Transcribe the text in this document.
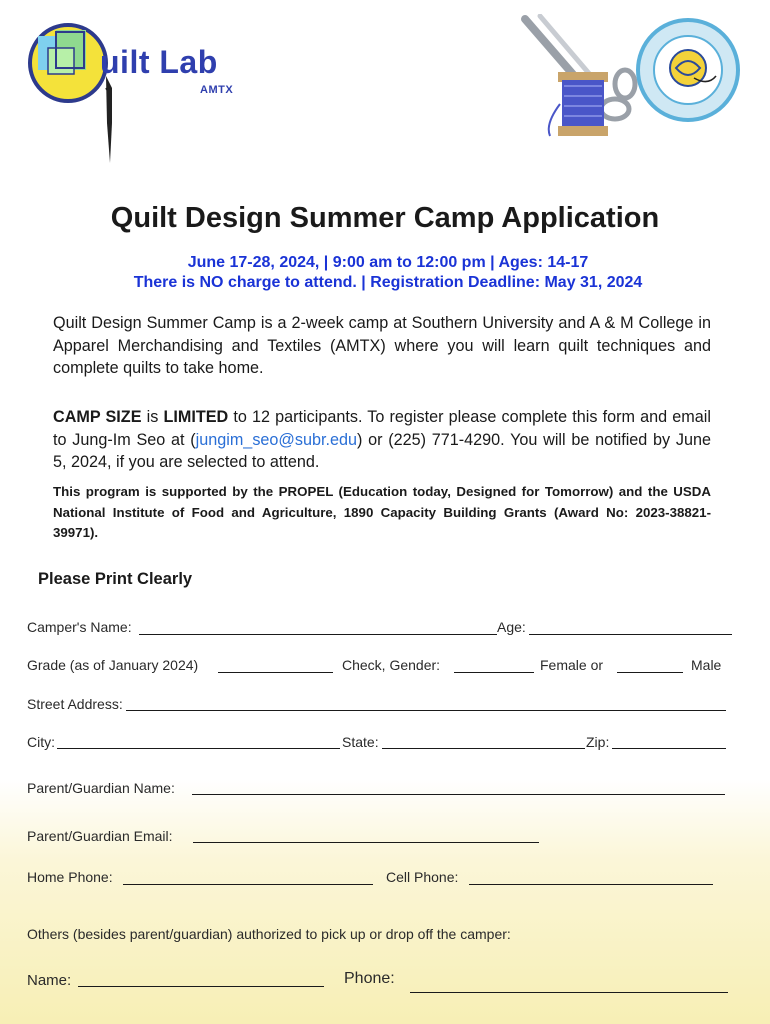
uilt Lab
AMTX
Quilt Design Summer Camp Application
June 17-28, 2024, | 9:00 am to 12:00 pm | Ages: 14-17
There is NO charge to attend. | Registration Deadline: May 31, 2024
Quilt Design Summer Camp is a 2-week camp at Southern University and A & M College in Apparel Merchandising and Textiles (AMTX) where you will learn quilt techniques and complete quilts to take home.
CAMP SIZE is LIMITED to 12 participants. To register please complete this form and email to Jung-Im Seo at (jungim_seo@subr.edu) or (225) 771-4290. You will be notified by June 5, 2024, if you are selected to attend.
This program is supported by the PROPEL (Education today, Designed for Tomorrow) and the USDA National Institute of Food and Agriculture, 1890 Capacity Building Grants (Award No: 2023-38821-39971).
Please Print Clearly
Camper's Name:	Age:
Grade (as of January 2024)	Check, Gender:	Female or	Male
Street Address:
City:	State:	Zip:
Parent/Guardian Name:
Parent/Guardian Email:
Home Phone:	Cell Phone:
Others (besides parent/guardian) authorized to pick up or drop off the camper:
Name:	Phone:
